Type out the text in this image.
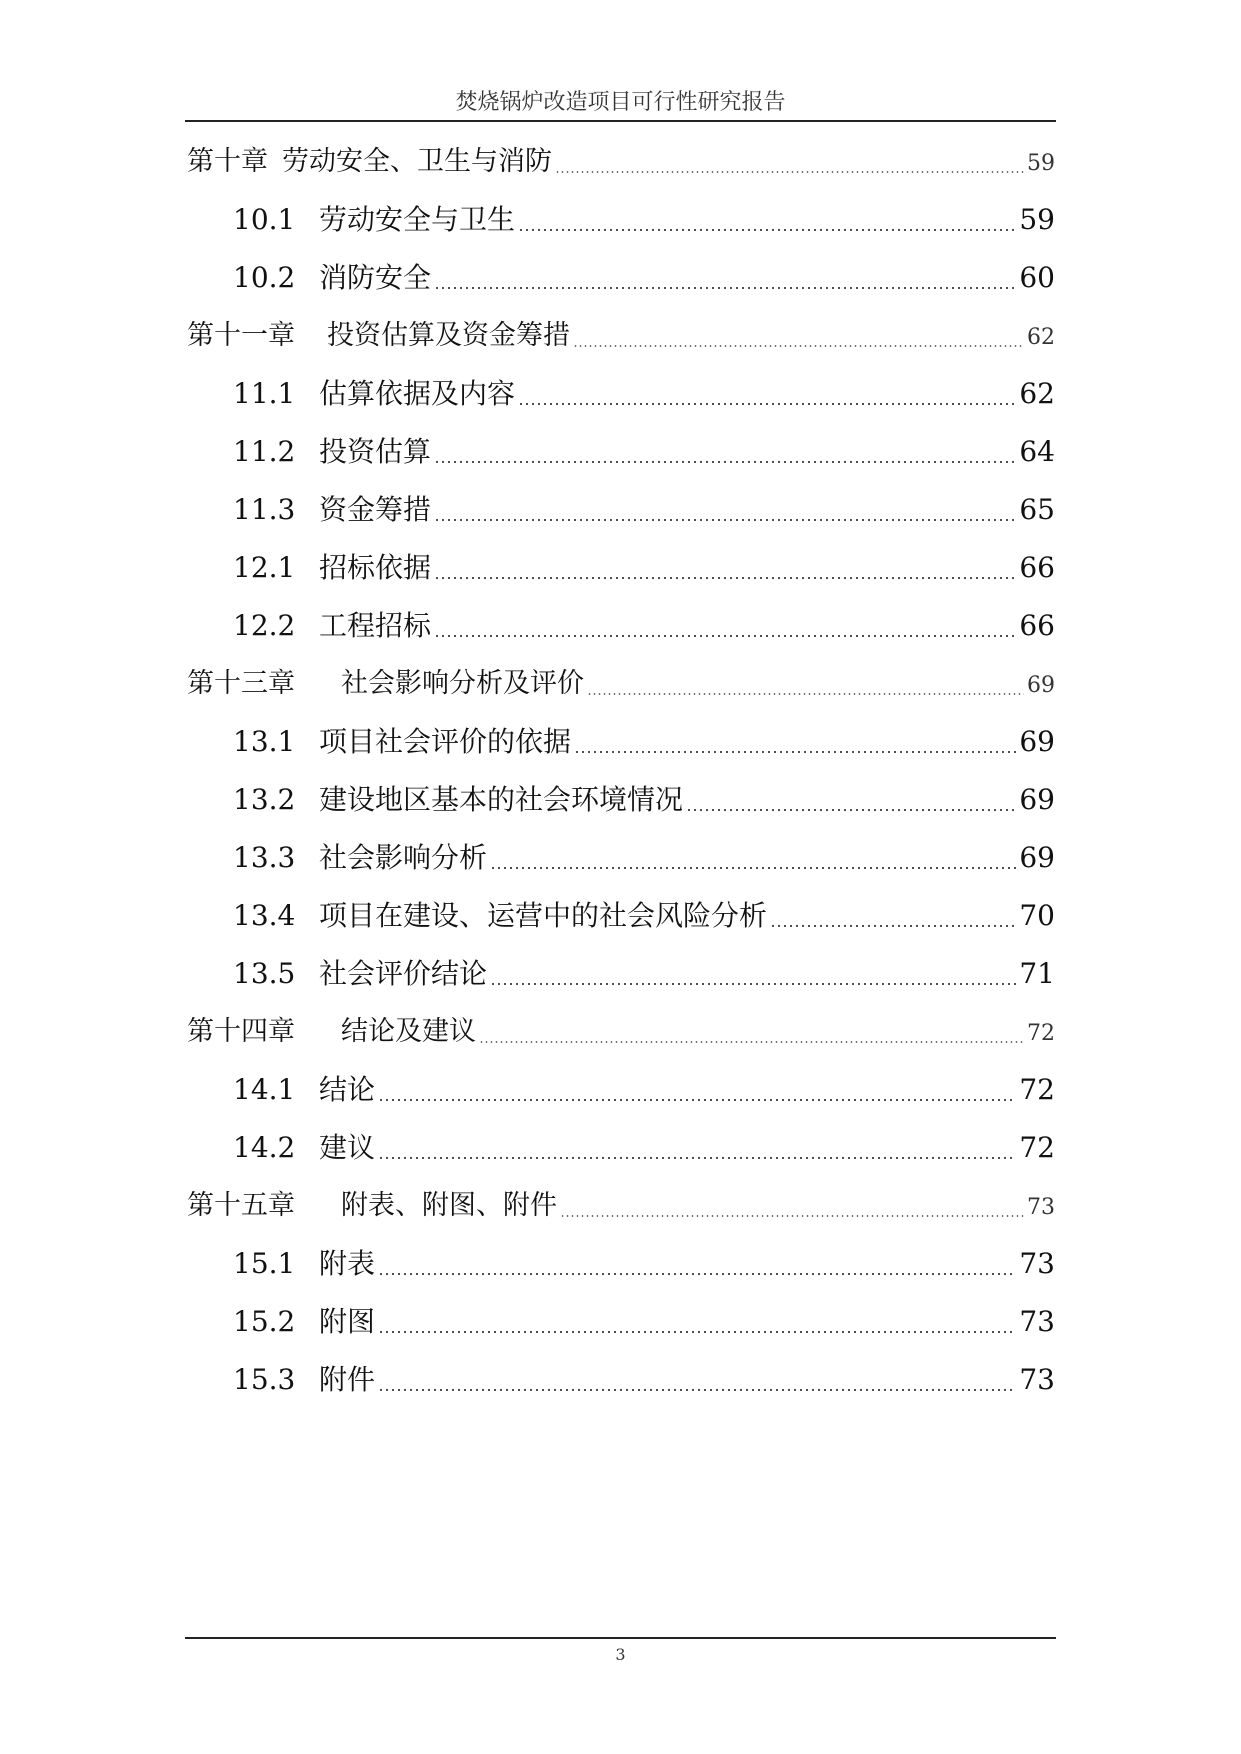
焚烧锅炉改造项目可行性研究报告
第十章 劳动安全、卫生与消防	59
10.1 劳动安全与卫生	59
10.2 消防安全	60
第十一章	投资估算及资金筹措	62
11.1 估算依据及内容	62
11.2 投资估算	64
11.3 资金筹措	65
12.1 招标依据	66
12.2 工程招标	66
第十三章	社会影响分析及评价	69
13.1 项目社会评价的依据	69
13.2 建设地区基本的社会环境情况	69
13.3 社会影响分析	69
13.4 项目在建设、运营中的社会风险分析	70
13.5 社会评价结论	71
第十四章	结论及建议	72
14.1 结论	72
14.2 建议	72
第十五章	附表、附图、附件	73
15.1 附表	73
15.2 附图	73
15.3 附件	73
3
